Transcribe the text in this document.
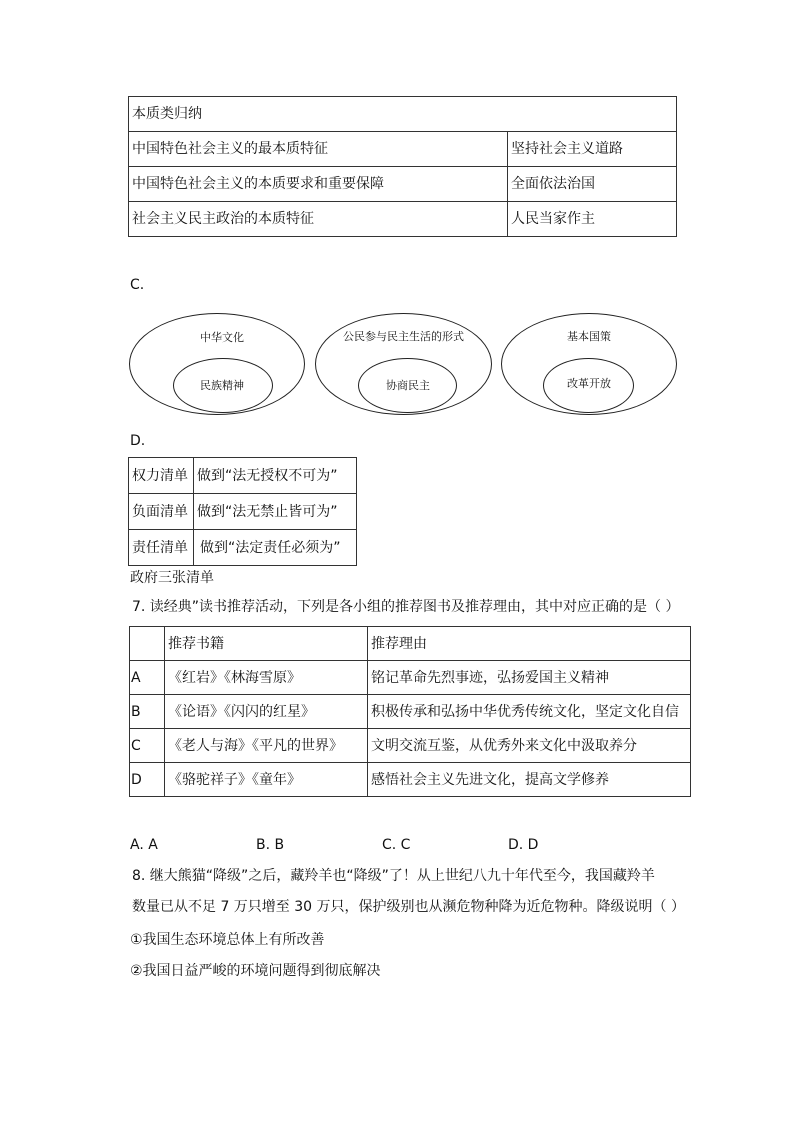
本质类归纳	
中国特色社会主义的最本质特征	坚持社会主义道路
中国特色社会主义的本质要求和重要保障	全面依法治国
社会主义民主政治的本质特征	人民当家作主
C.
中华文化
民族精神
公民参与民主生活的形式
协商民主
基本国策
改革开放
D.
权力清单	做到“法无授权不可为”
负面清单	做到“法无禁止皆可为”
责任清单	做到“法定责任必须为”
政府三张清单
7. 读经典”读书推荐活动，下列是各小组的推荐图书及推荐理由，其中对应正确的是（ ）
	推荐书籍	推荐理由
A	《红岩》《林海雪原》	铭记革命先烈事迹，弘扬爱国主义精神
B	《论语》《闪闪的红星》	积极传承和弘扬中华优秀传统文化，坚定文化自信
C	《老人与海》《平凡的世界》	文明交流互鉴，从优秀外来文化中汲取养分
D	《骆驼祥子》《童年》	感悟社会主义先进文化，提高文学修养
A. A	B. B	C. C	D. D
8. 继大熊猫“降级”之后，藏羚羊也“降级”了！从上世纪八九十年代至今，我国藏羚羊
数量已从不足 7 万只增至 30 万只，保护级别也从濒危物种降为近危物种。降级说明（ ）
①我国生态环境总体上有所改善
②我国日益严峻的环境问题得到彻底解决
